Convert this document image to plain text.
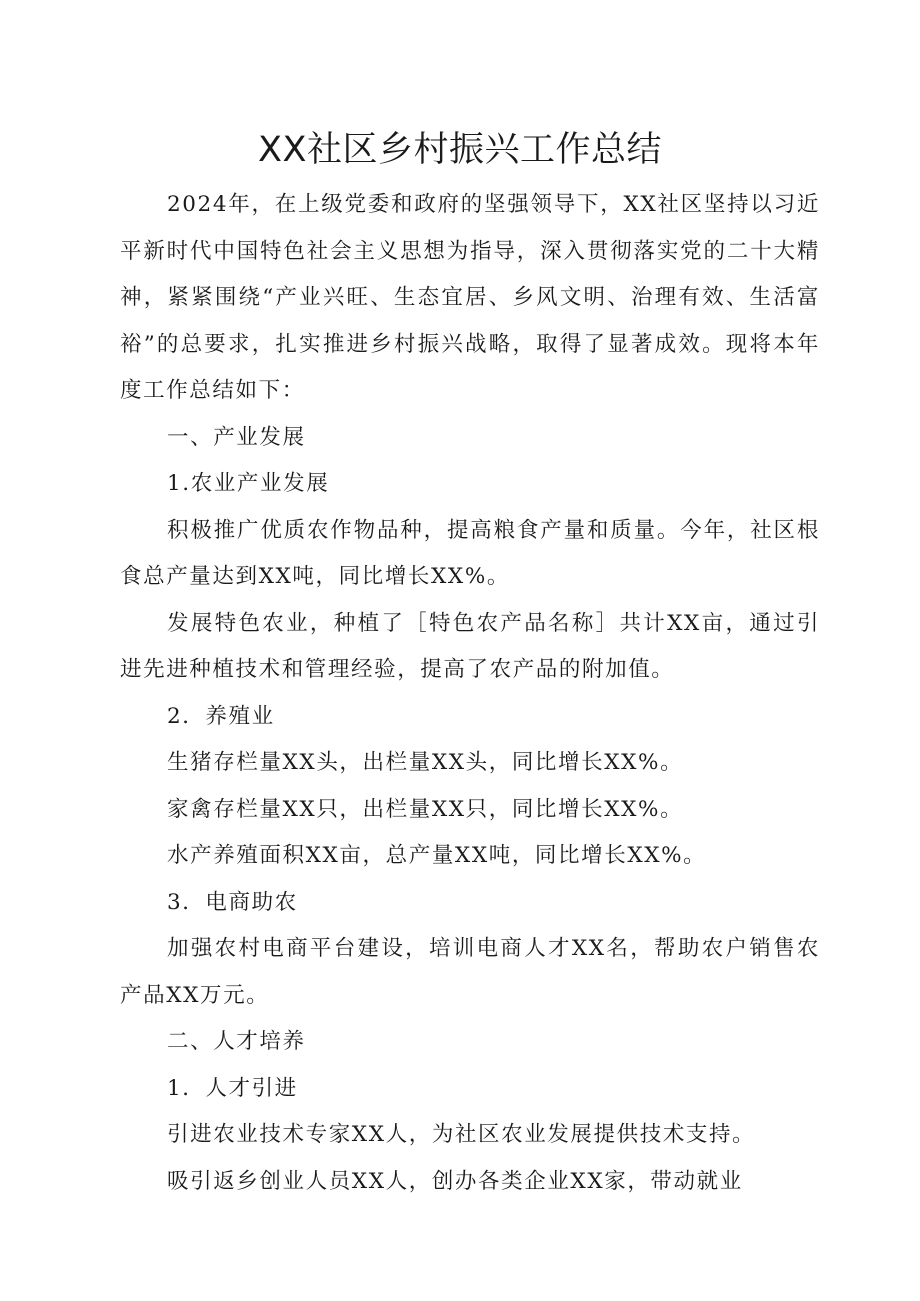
XX社区乡村振兴工作总结

2024年，在上级党委和政府的坚强领导下，XX社区坚持以习近平新时代中国特色社会主义思想为指导，深入贯彻落实党的二十大精神，紧紧围绕“产业兴旺、生态宜居、乡风文明、治理有效、生活富裕”的总要求，扎实推进乡村振兴战略，取得了显著成效。现将本年度工作总结如下：

一、产业发展

1.农业产业发展

积极推广优质农作物品种，提高粮食产量和质量。今年，社区根食总产量达到XX吨，同比增长XX%。

发展特色农业，种植了［特色农产品名称］共计XX亩，通过引进先进种植技术和管理经验，提高了农产品的附加值。

2．养殖业

生猪存栏量XX头，出栏量XX头，同比增长XX%。

家禽存栏量XX只，出栏量XX只，同比增长XX%。

水产养殖面积XX亩，总产量XX吨，同比增长XX%。

3．电商助农

加强农村电商平台建设，培训电商人才XX名，帮助农户销售农产品XX万元。

二、人才培养

1．人才引进

引进农业技术专家XX人，为社区农业发展提供技术支持。

吸引返乡创业人员XX人，创办各类企业XX家，带动就业
